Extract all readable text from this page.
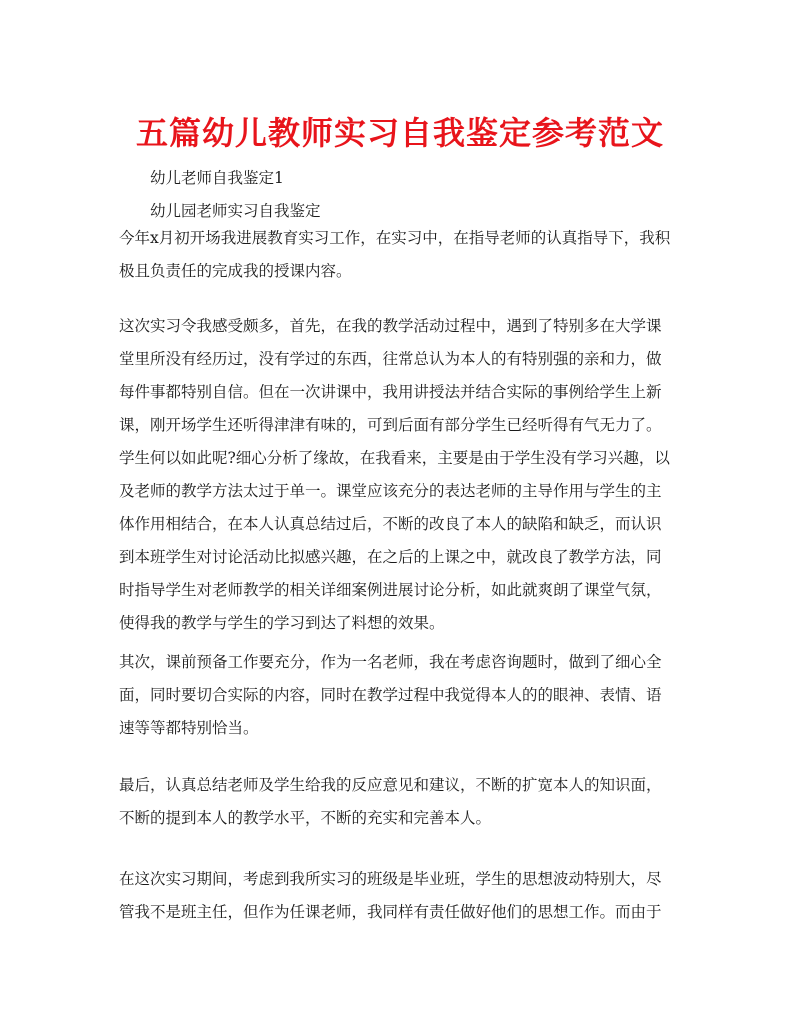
五篇幼儿教师实习自我鉴定参考范文

幼儿老师自我鉴定1

幼儿园老师实习自我鉴定

今年x月初开场我进展教育实习工作，在实习中，在指导老师的认真指导下，我积
极且负责任的完成我的授课内容。
这次实习令我感受颇多，首先，在我的教学活动过程中，遇到了特别多在大学课
堂里所没有经历过，没有学过的东西，往常总认为本人的有特别强的亲和力，做
每件事都特别自信。但在一次讲课中，我用讲授法并结合实际的事例给学生上新
课，刚开场学生还听得津津有味的，可到后面有部分学生已经听得有气无力了。
学生何以如此呢?细心分析了缘故，在我看来，主要是由于学生没有学习兴趣，以
及老师的教学方法太过于单一。课堂应该充分的表达老师的主导作用与学生的主
体作用相结合，在本人认真总结过后，不断的改良了本人的缺陷和缺乏，而认识
到本班学生对讨论活动比拟感兴趣，在之后的上课之中，就改良了教学方法，同
时指导学生对老师教学的相关详细案例进展讨论分析，如此就爽朗了课堂气氛，
使得我的教学与学生的学习到达了料想的效果。
其次，课前预备工作要充分，作为一名老师，我在考虑咨询题时，做到了细心全
面，同时要切合实际的内容，同时在教学过程中我觉得本人的的眼神、表情、语
速等等都特别恰当。
最后，认真总结老师及学生给我的反应意见和建议，不断的扩宽本人的知识面，
不断的提到本人的教学水平，不断的充实和完善本人。
在这次实习期间，考虑到我所实习的班级是毕业班，学生的思想波动特别大，尽
管我不是班主任，但作为任课老师，我同样有责任做好他们的思想工作。而由于
